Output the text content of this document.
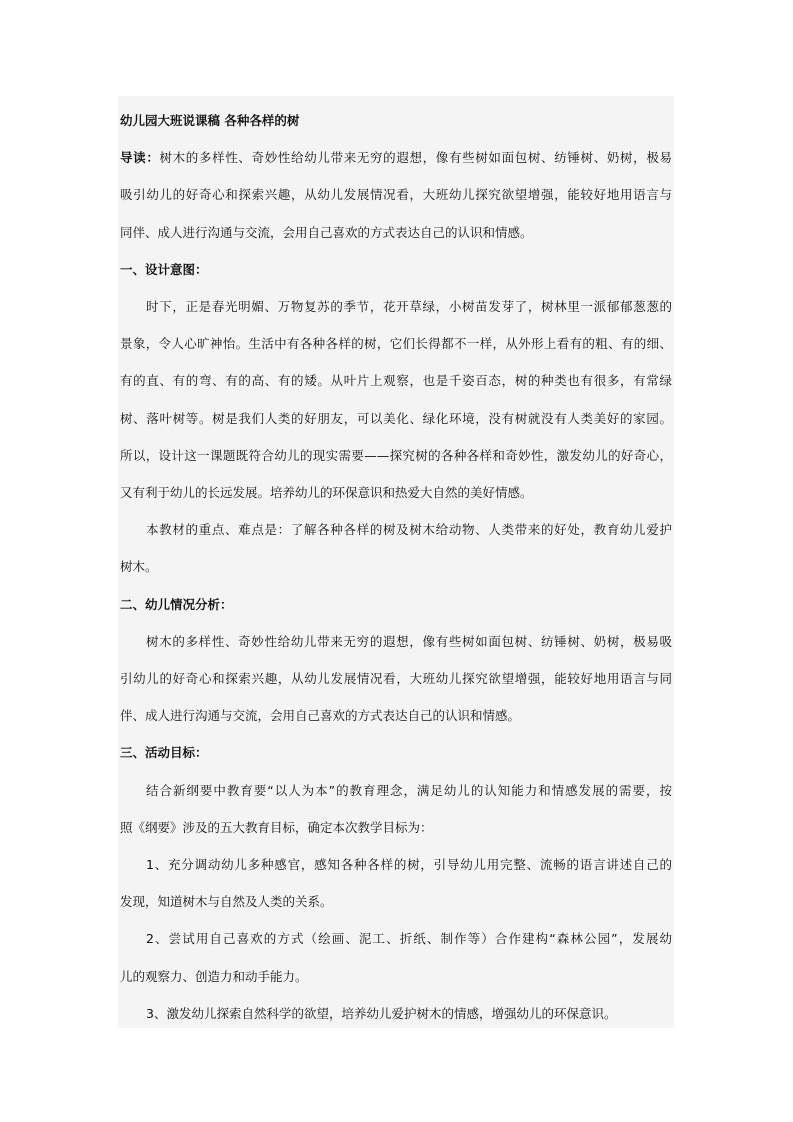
幼儿园大班说课稿 各种各样的树

导读：树木的多样性、奇妙性给幼儿带来无穷的遐想，像有些树如面包树、纺锤树、奶树，极易

吸引幼儿的好奇心和探索兴趣，从幼儿发展情况看，大班幼儿探究欲望增强，能较好地用语言与

同伴、成人进行沟通与交流，会用自己喜欢的方式表达自己的认识和情感。

一、设计意图：

时下，正是春光明媚、万物复苏的季节，花开草绿，小树苗发芽了，树林里一派郁郁葱葱的

景象，令人心旷神怡。生活中有各种各样的树，它们长得都不一样，从外形上看有的粗、有的细、

有的直、有的弯、有的高、有的矮。从叶片上观察，也是千姿百态，树的种类也有很多，有常绿

树、落叶树等。树是我们人类的好朋友，可以美化、绿化环境，没有树就没有人类美好的家园。

所以，设计这一课题既符合幼儿的现实需要——探究树的各种各样和奇妙性，激发幼儿的好奇心，

又有利于幼儿的长远发展。培养幼儿的环保意识和热爱大自然的美好情感。

本教材的重点、难点是：了解各种各样的树及树木给动物、人类带来的好处，教育幼儿爱护

树木。

二、幼儿情况分析：

树木的多样性、奇妙性给幼儿带来无穷的遐想，像有些树如面包树、纺锤树、奶树，极易吸

引幼儿的好奇心和探索兴趣，从幼儿发展情况看，大班幼儿探究欲望增强，能较好地用语言与同

伴、成人进行沟通与交流，会用自己喜欢的方式表达自己的认识和情感。

三、活动目标：

结合新纲要中教育要“以人为本”的教育理念，满足幼儿的认知能力和情感发展的需要，按

照《纲要》涉及的五大教育目标，确定本次教学目标为：

1、充分调动幼儿多种感官，感知各种各样的树，引导幼儿用完整、流畅的语言讲述自己的

发现，知道树木与自然及人类的关系。

2、尝试用自己喜欢的方式（绘画、泥工、折纸、制作等）合作建构“森林公园”，发展幼

儿的观察力、创造力和动手能力。

3、激发幼儿探索自然科学的欲望，培养幼儿爱护树木的情感，增强幼儿的环保意识。
